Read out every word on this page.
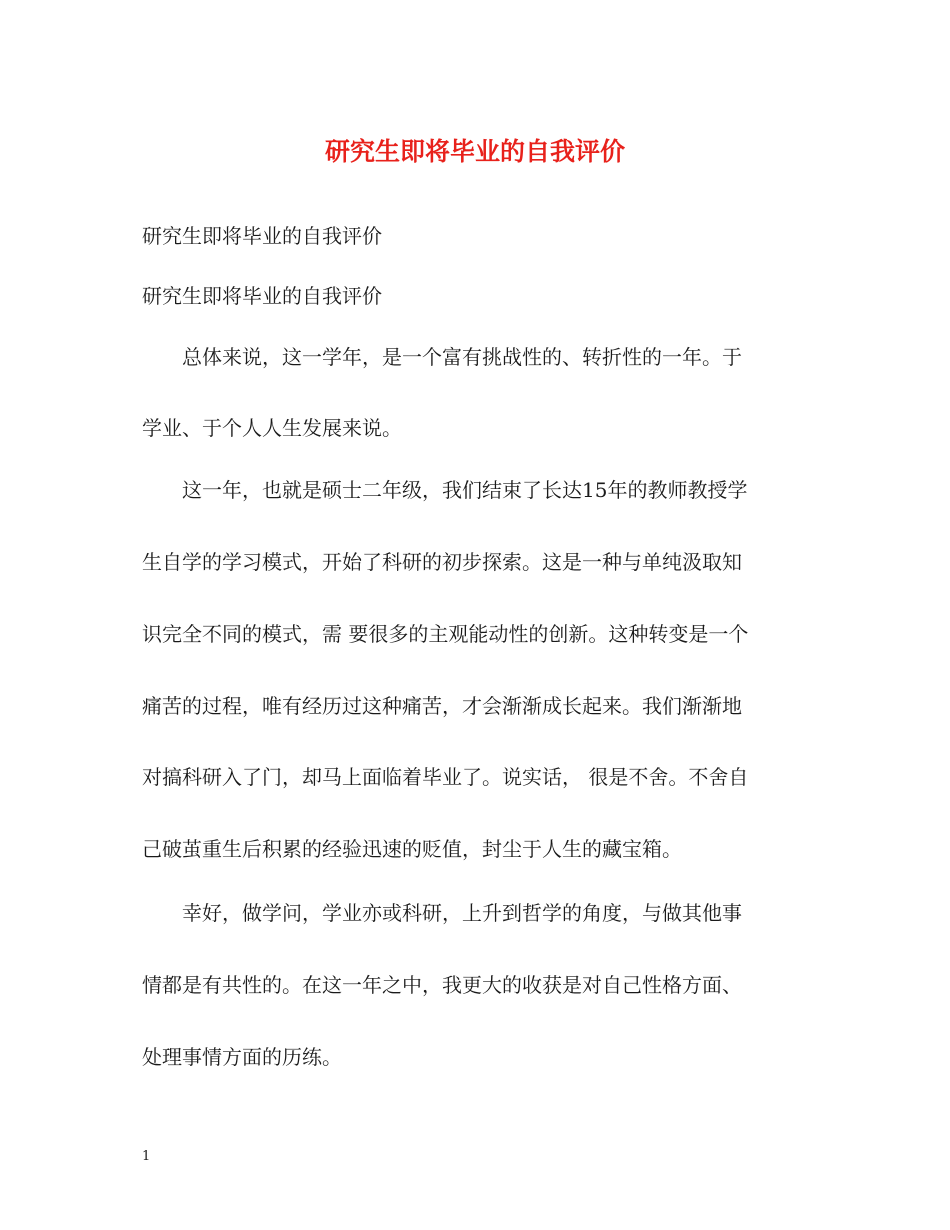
研究生即将毕业的自我评价

研究生即将毕业的自我评价

研究生即将毕业的自我评价

总体来说，这一学年，是一个富有挑战性的、转折性的一年。于

学业、于个人人生发展来说。

这一年，也就是硕士二年级，我们结束了长达15年的教师教授学

生自学的学习模式，开始了科研的初步探索。这是一种与单纯汲取知

识完全不同的模式，需 要很多的主观能动性的创新。这种转变是一个

痛苦的过程，唯有经历过这种痛苦，才会渐渐成长起来。我们渐渐地

对搞科研入了门，却马上面临着毕业了。说实话， 很是不舍。不舍自

己破茧重生后积累的经验迅速的贬值，封尘于人生的藏宝箱。

幸好，做学问，学业亦或科研，上升到哲学的角度，与做其他事

情都是有共性的。在这一年之中，我更大的收获是对自己性格方面、

处理事情方面的历练。

1
